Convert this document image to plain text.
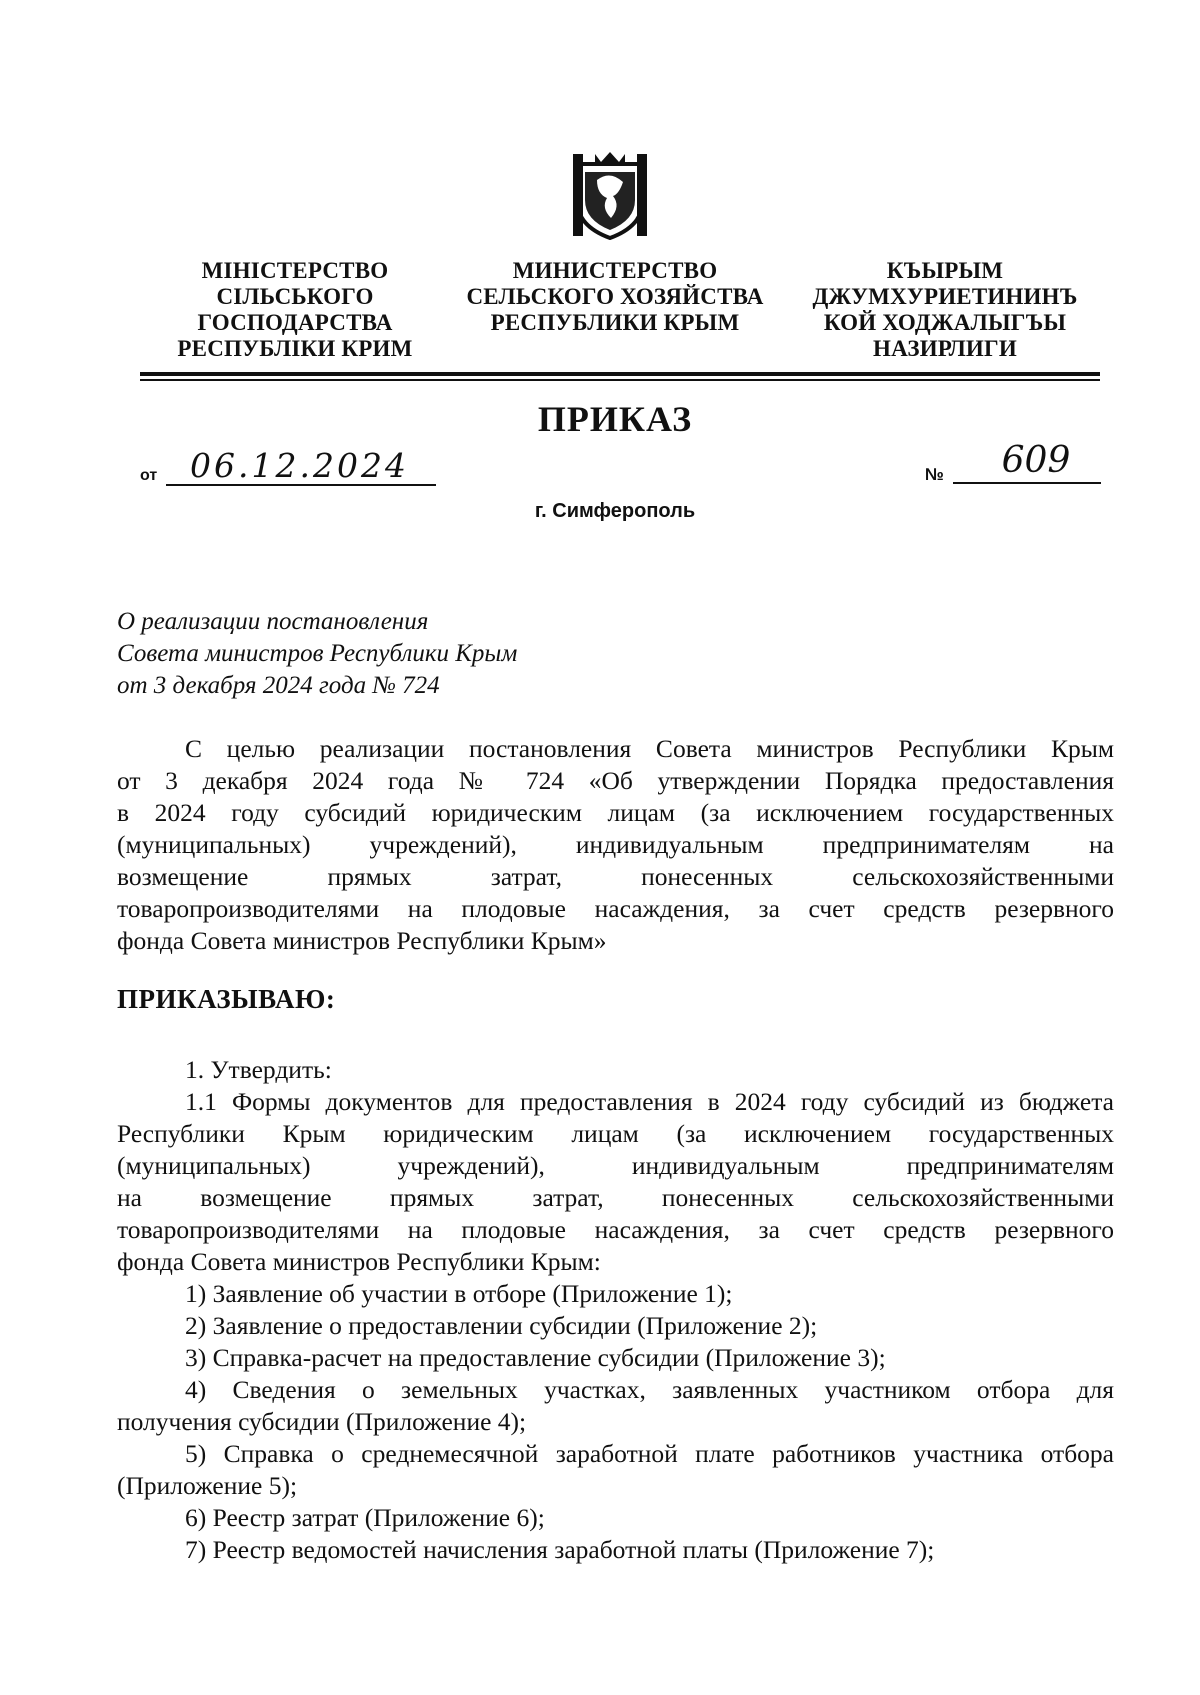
МІНІСТЕРСТВО
СІЛЬСЬКОГО
ГОСПОДАРСТВА
РЕСПУБЛІКИ КРИМ
МИНИСТЕРСТВО
СЕЛЬСКОГО ХОЗЯЙСТВА
РЕСПУБЛИКИ КРЫМ
КЪЫРЫМ
ДЖУМХУРИЕТИНИНЪ
КОЙ ХОДЖАЛЫГЪЫ
НАЗИРЛИГИ
ПРИКАЗ
от 06.12.2024	№	609
г. Симферополь
О реализации постановления
Совета министров Республики Крым
от 3 декабря 2024 года № 724
С целью реализации постановления Совета министров Республики Крым
от 3 декабря 2024 года № 724 «Об утверждении Порядка предоставления
в 2024 году субсидий юридическим лицам (за исключением государственных
(муниципальных) учреждений), индивидуальным предпринимателям на
возмещение прямых затрат, понесенных сельскохозяйственными
товаропроизводителями на плодовые насаждения, за счет средств резервного
фонда Совета министров Республики Крым»
ПРИКАЗЫВАЮ:
1. Утвердить:
1.1 Формы документов для предоставления в 2024 году субсидий из бюджета
Республики Крым юридическим лицам (за исключением государственных
(муниципальных) учреждений), индивидуальным предпринимателям
на возмещение прямых затрат, понесенных сельскохозяйственными
товаропроизводителями на плодовые насаждения, за счет средств резервного
фонда Совета министров Республики Крым:
1) Заявление об участии в отборе (Приложение 1);
2) Заявление о предоставлении субсидии (Приложение 2);
3) Справка-расчет на предоставление субсидии (Приложение 3);
4) Сведения о земельных участках, заявленных участником отбора для
получения субсидии (Приложение 4);
5) Справка о среднемесячной заработной плате работников участника отбора
(Приложение 5);
6) Реестр затрат (Приложение 6);
7) Реестр ведомостей начисления заработной платы (Приложение 7);
